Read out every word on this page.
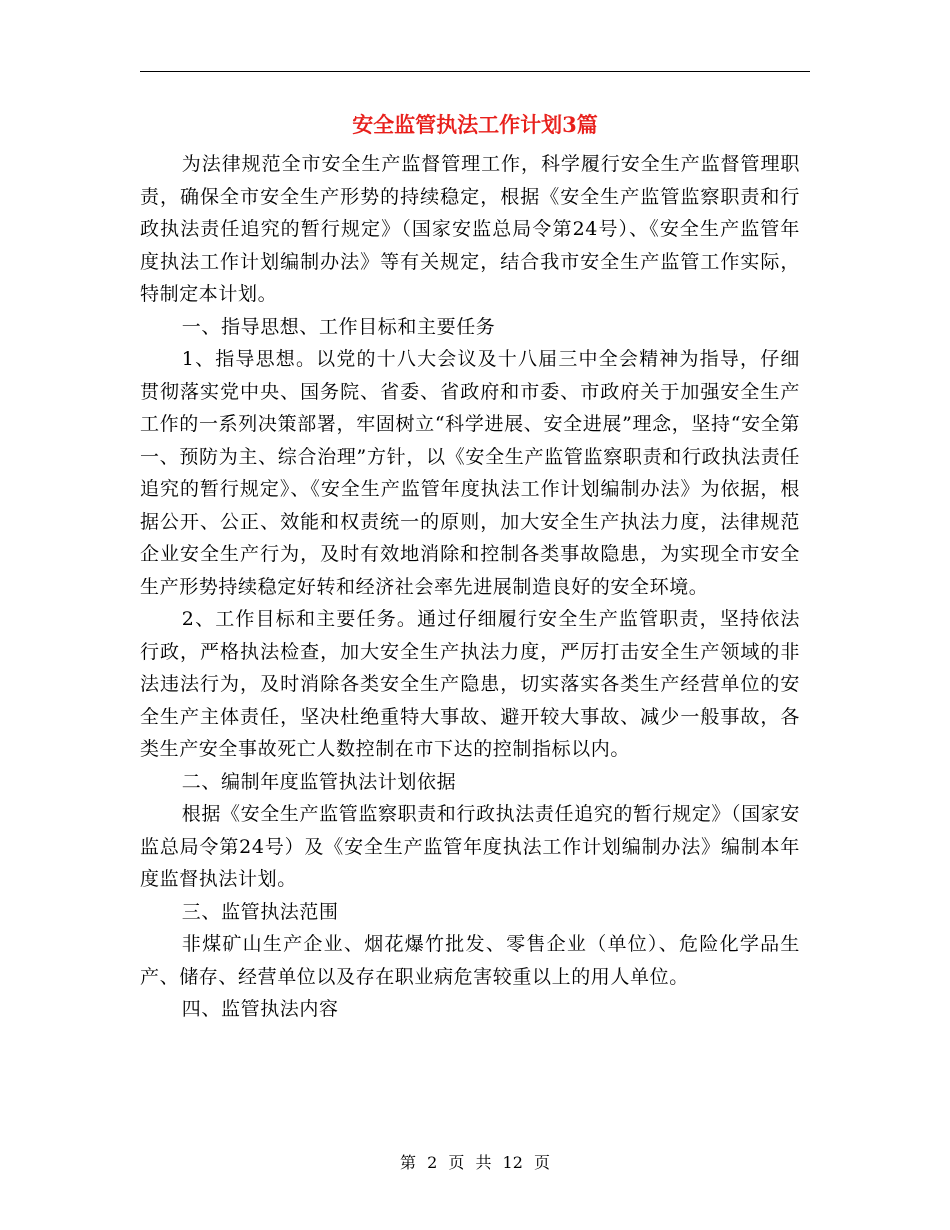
安全监管执法工作计划3篇

为法律规范全市安全生产监督管理工作，科学履行安全生产监督管理职责，确保全市安全生产形势的持续稳定，根据《安全生产监管监察职责和行政执法责任追究的暂行规定》（国家安监总局令第24号）、《安全生产监管年度执法工作计划编制办法》等有关规定，结合我市安全生产监管工作实际，特制定本计划。

一、指导思想、工作目标和主要任务

1、指导思想。以党的十八大会议及十八届三中全会精神为指导，仔细贯彻落实党中央、国务院、省委、省政府和市委、市政府关于加强安全生产工作的一系列决策部署，牢固树立“科学进展、安全进展”理念，坚持“安全第一、预防为主、综合治理”方针，以《安全生产监管监察职责和行政执法责任追究的暂行规定》、《安全生产监管年度执法工作计划编制办法》为依据，根据公开、公正、效能和权责统一的原则，加大安全生产执法力度，法律规范企业安全生产行为，及时有效地消除和控制各类事故隐患，为实现全市安全生产形势持续稳定好转和经济社会率先进展制造良好的安全环境。

2、工作目标和主要任务。通过仔细履行安全生产监管职责，坚持依法行政，严格执法检查，加大安全生产执法力度，严厉打击安全生产领域的非法违法行为，及时消除各类安全生产隐患，切实落实各类生产经营单位的安全生产主体责任，坚决杜绝重特大事故、避开较大事故、减少一般事故，各类生产安全事故死亡人数控制在市下达的控制指标以内。

二、编制年度监管执法计划依据

根据《安全生产监管监察职责和行政执法责任追究的暂行规定》（国家安监总局令第24号）及《安全生产监管年度执法工作计划编制办法》编制本年度监督执法计划。

三、监管执法范围

非煤矿山生产企业、烟花爆竹批发、零售企业（单位）、危险化学品生产、储存、经营单位以及存在职业病危害较重以上的用人单位。

四、监管执法内容

第 2 页 共 12 页
